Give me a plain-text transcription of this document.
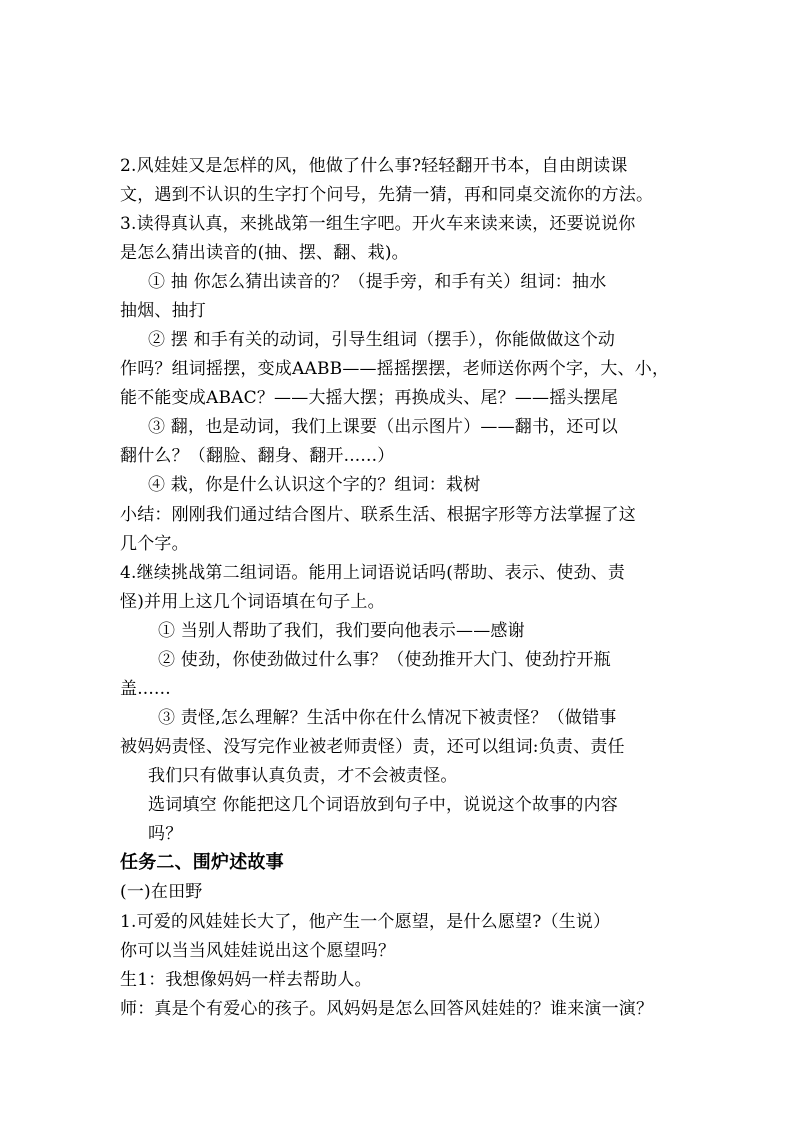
2.风娃娃又是怎样的风，他做了什么事?轻轻翻开书本，自由朗读课
文，遇到不认识的生字打个问号，先猜一猜，再和同桌交流你的方法。
3.读得真认真，来挑战第一组生字吧。开火车来读来读，还要说说你
是怎么猜出读音的(抽、摆、翻、栽)。
① 抽 你怎么猜出读音的？（提手旁，和手有关）组词：抽水
抽烟、抽打
② 摆 和手有关的动词，引导生组词（摆手），你能做做这个动
作吗？组词摇摆，变成AABB——摇摇摆摆，老师送你两个字，大、小，
能不能变成ABAC？——大摇大摆；再换成头、尾？——摇头摆尾
③ 翻，也是动词，我们上课要（出示图片）——翻书，还可以
翻什么？（翻脸、翻身、翻开......）
④ 栽，你是什么认识这个字的？组词：栽树
小结：刚刚我们通过结合图片、联系生活、根据字形等方法掌握了这
几个字。
4.继续挑战第二组词语。能用上词语说话吗(帮助、表示、使劲、责
怪)并用上这几个词语填在句子上。
① 当别人帮助了我们，我们要向他表示——感谢
② 使劲，你使劲做过什么事？（使劲推开大门、使劲拧开瓶
盖......
③ 责怪,怎么理解？生活中你在什么情况下被责怪？（做错事
被妈妈责怪、没写完作业被老师责怪）责，还可以组词:负责、责任
我们只有做事认真负责，才不会被责怪。
选词填空 你能把这几个词语放到句子中，说说这个故事的内容
吗？
任务二、围炉述故事
(一)在田野
1.可爱的风娃娃长大了，他产生一个愿望，是什么愿望?（生说）
你可以当当风娃娃说出这个愿望吗？
生1：我想像妈妈一样去帮助人。
师：真是个有爱心的孩子。风妈妈是怎么回答风娃娃的？谁来演一演？
